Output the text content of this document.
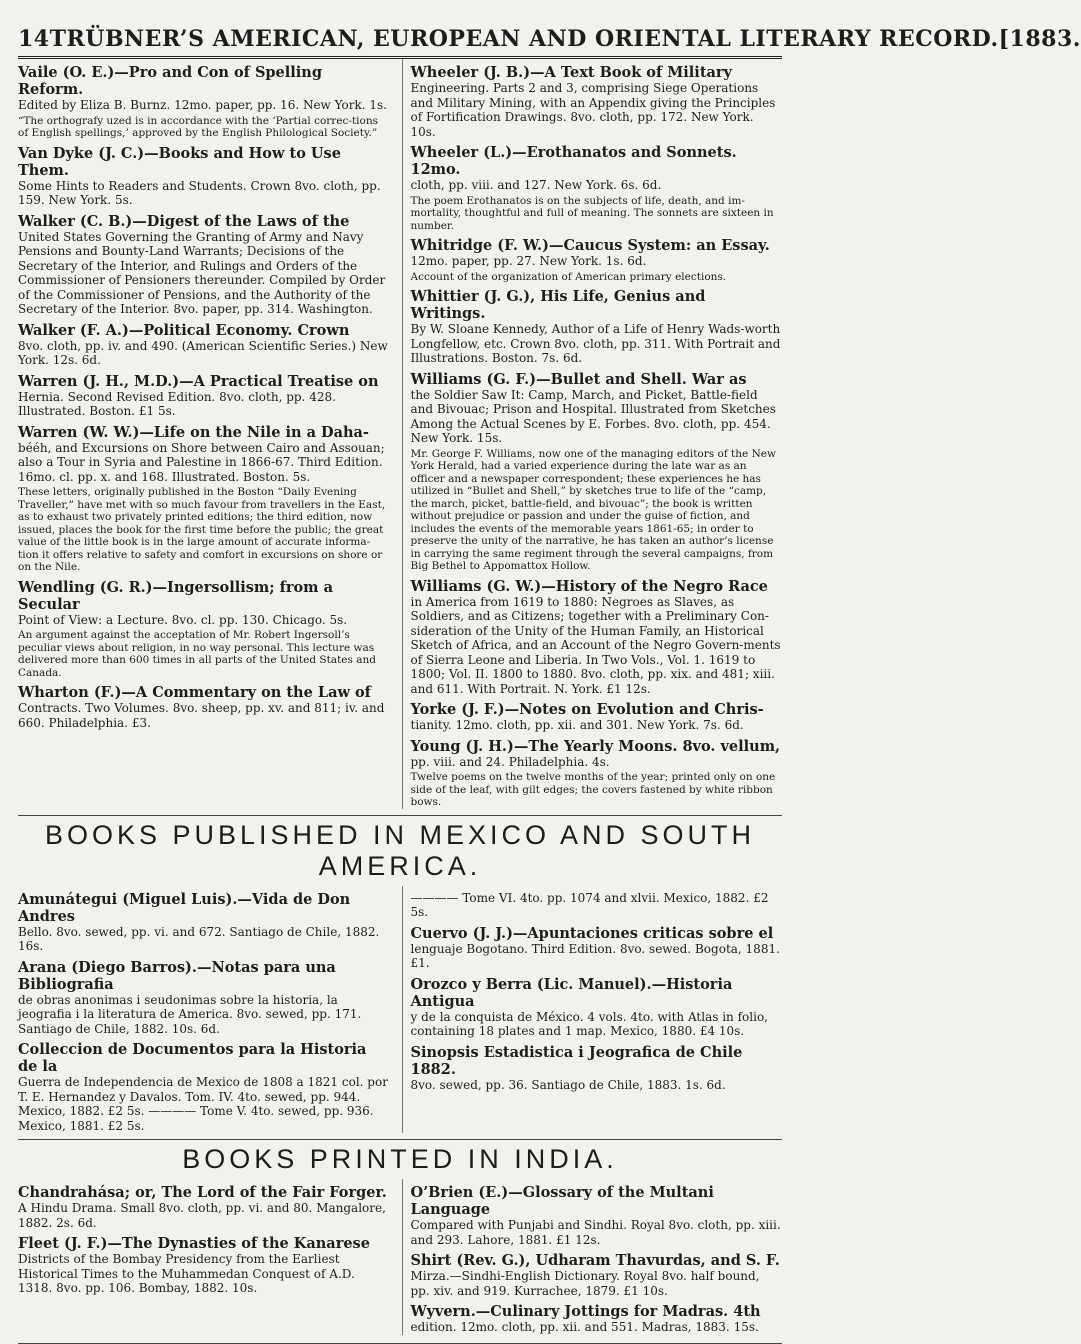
14 TRÜBNER’S AMERICAN, EUROPEAN AND ORIENTAL LITERARY RECORD. [1883.
Vaile (O. E.)—Pro and Con of Spelling Reform.
Edited by Eliza B. Burnz. 12mo. paper, pp. 16. New York. 1s.
“The orthografy uzed is in accordance with the ‘Partial correc-tions of English spellings,’ approved by the English Philological Society.”
Van Dyke (J. C.)—Books and How to Use Them.
Some Hints to Readers and Students. Crown 8vo. cloth, pp. 159. New York. 5s.
Walker (C. B.)—Digest of the Laws of the
United States Governing the Granting of Army and Navy Pensions and Bounty-Land Warrants; Decisions of the Secretary of the Interior, and Rulings and Orders of the Commissioner of Pensioners thereunder. Compiled by Order of the Commissioner of Pensions, and the Authority of the Secretary of the Interior. 8vo. paper, pp. 314. Washington.
Walker (F. A.)—Political Economy. Crown
8vo. cloth, pp. iv. and 490. (American Scientific Series.) New York. 12s. 6d.
Warren (J. H., M.D.)—A Practical Treatise on
Hernia. Second Revised Edition. 8vo. cloth, pp. 428. Illustrated. Boston. £1 5s.
Warren (W. W.)—Life on the Nile in a Daha-
bééh, and Excursions on Shore between Cairo and Assouan; also a Tour in Syria and Palestine in 1866-67. Third Edition. 16mo. cl. pp. x. and 168. Illustrated. Boston. 5s.
These letters, originally published in the Boston “Daily Evening Traveller,” have met with so much favour from travellers in the East, as to exhaust two privately printed editions; the third edition, now issued, places the book for the first time before the public; the great value of the little book is in the large amount of accurate informa-tion it offers relative to safety and comfort in excursions on shore or on the Nile.
Wendling (G. R.)—Ingersollism; from a Secular
Point of View: a Lecture. 8vo. cl. pp. 130. Chicago. 5s.
An argument against the acceptation of Mr. Robert Ingersoll’s peculiar views about religion, in no way personal. This lecture was delivered more than 600 times in all parts of the United States and Canada.
Wharton (F.)—A Commentary on the Law of
Contracts. Two Volumes. 8vo. sheep, pp. xv. and 811; iv. and 660. Philadelphia. £3.
Wheeler (J. B.)—A Text Book of Military
Engineering. Parts 2 and 3, comprising Siege Operations and Military Mining, with an Appendix giving the Principles of Fortification Drawings. 8vo. cloth, pp. 172. New York. 10s.
Wheeler (L.)—Erothanatos and Sonnets. 12mo.
cloth, pp. viii. and 127. New York. 6s. 6d.
The poem Erothanatos is on the subjects of life, death, and im-mortality, thoughtful and full of meaning. The sonnets are sixteen in number.
Whitridge (F. W.)—Caucus System: an Essay.
12mo. paper, pp. 27. New York. 1s. 6d.
Account of the organization of American primary elections.
Whittier (J. G.), His Life, Genius and Writings.
By W. Sloane Kennedy, Author of a Life of Henry Wads-worth Longfellow, etc. Crown 8vo. cloth, pp. 311. With Portrait and Illustrations. Boston. 7s. 6d.
Williams (G. F.)—Bullet and Shell. War as
the Soldier Saw It: Camp, March, and Picket, Battle-field and Bivouac; Prison and Hospital. Illustrated from Sketches Among the Actual Scenes by E. Forbes. 8vo. cloth, pp. 454. New York. 15s.
Mr. George F. Williams, now one of the managing editors of the New York Herald, had a varied experience during the late war as an officer and a newspaper correspondent; these experiences he has utilized in “Bullet and Shell,” by sketches true to life of the “camp, the march, picket, battle-field, and bivouac”; the book is written without prejudice or passion and under the guise of fiction, and includes the events of the memorable years 1861-65; in order to preserve the unity of the narrative, he has taken an author’s license in carrying the same regiment through the several campaigns, from Big Bethel to Appomattox Hollow.
Williams (G. W.)—History of the Negro Race
in America from 1619 to 1880: Negroes as Slaves, as Soldiers, and as Citizens; together with a Preliminary Con-sideration of the Unity of the Human Family, an Historical Sketch of Africa, and an Account of the Negro Govern-ments of Sierra Leone and Liberia. In Two Vols., Vol. 1. 1619 to 1800; Vol. II. 1800 to 1880. 8vo. cloth, pp. xix. and 481; xiii. and 611. With Portrait. N. York. £1 12s.
Yorke (J. F.)—Notes on Evolution and Chris-
tianity. 12mo. cloth, pp. xii. and 301. New York. 7s. 6d.
Young (J. H.)—The Yearly Moons. 8vo. vellum,
pp. viii. and 24. Philadelphia. 4s.
Twelve poems on the twelve months of the year; printed only on one side of the leaf, with gilt edges; the covers fastened by white ribbon bows.
BOOKS PUBLISHED IN MEXICO AND SOUTH AMERICA.
Amunátegui (Miguel Luis).—Vida de Don Andres
Bello. 8vo. sewed, pp. vi. and 672. Santiago de Chile, 1882. 16s.
Arana (Diego Barros).—Notas para una Bibliografia
de obras anonimas i seudonimas sobre la historia, la jeografia i la literatura de America. 8vo. sewed, pp. 171. Santiago de Chile, 1882. 10s. 6d.
Colleccion de Documentos para la Historia de la
Guerra de Independencia de Mexico de 1808 a 1821 col. por T. E. Hernandez y Davalos. Tom. IV. 4to. sewed, pp. 944. Mexico, 1882. £2 5s. ———— Tome V. 4to. sewed, pp. 936. Mexico, 1881. £2 5s.
———— Tome VI. 4to. pp. 1074 and xlvii. Mexico, 1882. £2 5s.
Cuervo (J. J.)—Apuntaciones criticas sobre el
lenguaje Bogotano. Third Edition. 8vo. sewed. Bogota, 1881. £1.
Orozco y Berra (Lic. Manuel).—Historia Antigua
y de la conquista de México. 4 vols. 4to. with Atlas in folio, containing 18 plates and 1 map. Mexico, 1880. £4 10s.
Sinopsis Estadistica i Jeografica de Chile 1882.
8vo. sewed, pp. 36. Santiago de Chile, 1883. 1s. 6d.
BOOKS PRINTED IN INDIA.
Chandrahása; or, The Lord of the Fair Forger.
A Hindu Drama. Small 8vo. cloth, pp. vi. and 80. Mangalore, 1882. 2s. 6d.
Fleet (J. F.)—The Dynasties of the Kanarese
Districts of the Bombay Presidency from the Earliest Historical Times to the Muhammedan Conquest of A.D. 1318. 8vo. pp. 106. Bombay, 1882. 10s.
O’Brien (E.)—Glossary of the Multani Language
Compared with Punjabi and Sindhi. Royal 8vo. cloth, pp. xiii. and 293. Lahore, 1881. £1 12s.
Shirt (Rev. G.), Udharam Thavurdas, and S. F.
Mirza.—Sindhi-English Dictionary. Royal 8vo. half bound, pp. xiv. and 919. Kurrachee, 1879. £1 10s.
Wyvern.—Culinary Jottings for Madras. 4th
edition. 12mo. cloth, pp. xii. and 551. Madras, 1883. 15s.
